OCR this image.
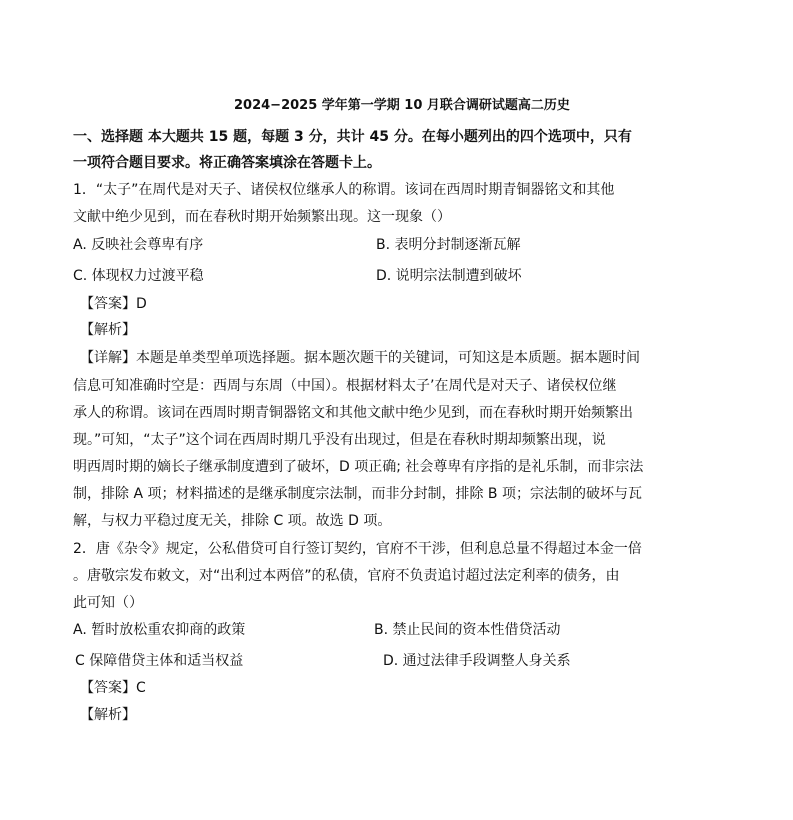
2024−2025 学年第一学期 10 月联合调研试题高二历史
一、选择题 本大题共 15 题，每题 3 分，共计 45 分。在每小题列出的四个选项中，只有
一项符合题目要求。将正确答案填涂在答题卡上。
1．“太子”在周代是对天子、诸侯权位继承人的称谓。该词在西周时期青铜器铭文和其他
文献中绝少见到，而在春秋时期开始频繁出现。这一现象（）
A. 反映社会尊卑有序	B. 表明分封制逐渐瓦解
C. 体现权力过渡平稳	D. 说明宗法制遭到破坏
【答案】D
【解析】
【详解】本题是单类型单项选择题。据本题次题干的关键词，可知这是本质题。据本题时间
信息可知准确时空是：西周与东周（中国）。根据材料太子’在周代是对天子、诸侯权位继
承人的称谓。该词在西周时期青铜器铭文和其他文献中绝少见到，而在春秋时期开始频繁出
现。”可知，“太子”这个词在西周时期几乎没有出现过，但是在春秋时期却频繁出现，说
明西周时期的嫡长子继承制度遭到了破坏，D 项正确; 社会尊卑有序指的是礼乐制，而非宗法
制，排除 A 项；材料描述的是继承制度宗法制，而非分封制，排除 B 项；宗法制的破坏与瓦
解，与权力平稳过度无关，排除 C 项。故选 D 项。
2．唐《杂令》规定，公私借贷可自行签订契约，官府不干涉，但利息总量不得超过本金一倍
。唐敬宗发布敕文，对“出利过本两倍”的私债，官府不负责追讨超过法定利率的债务，由
此可知（）
A. 暂时放松重农抑商的政策	B. 禁止民间的资本性借贷活动
C 保障借贷主体和适当权益	D. 通过法律手段调整人身关系
【答案】C
【解析】
